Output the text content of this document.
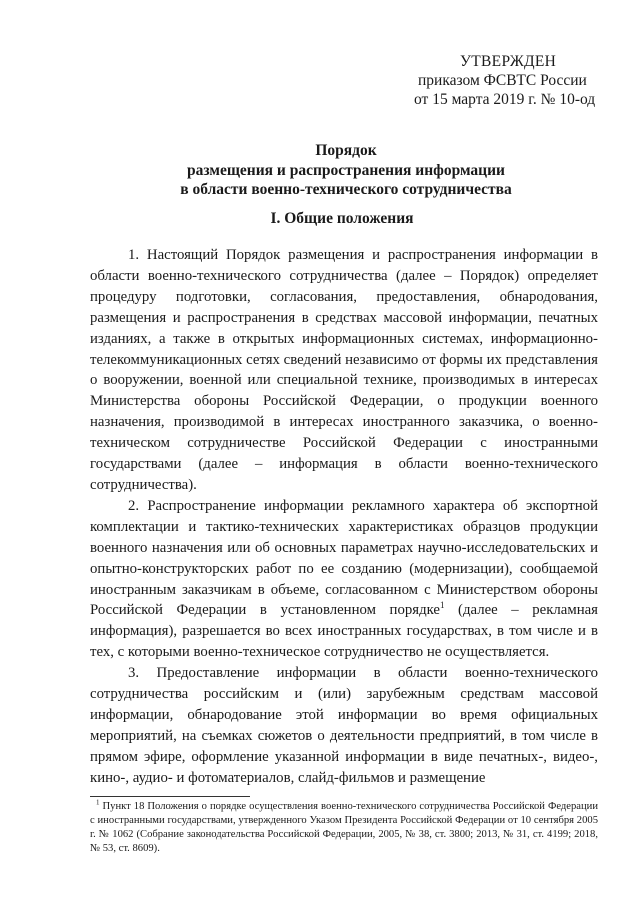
УТВЕРЖДЕН
приказом ФСВТС России
от 15 марта 2019 г. № 10-од
Порядок
размещения и распространения информации
в области военно-технического сотрудничества
I. Общие положения

1. Настоящий Порядок размещения и распространения информации в области военно-технического сотрудничества (далее – Порядок) определяет процедуру подготовки, согласования, предоставления, обнародования, размещения и распространения в средствах массовой информации, печатных изданиях, а также в открытых информационных системах, информационно-телекоммуникационных сетях сведений независимо от формы их представления о вооружении, военной или специальной технике, производимых в интересах Министерства обороны Российской Федерации, о продукции военного назначения, производимой в интересах иностранного заказчика, о военно-техническом сотрудничестве Российской Федерации с иностранными государствами (далее – информация в области военно-технического сотрудничества).

2. Распространение информации рекламного характера об экспортной комплектации и тактико-технических характеристиках образцов продукции военного назначения или об основных параметрах научно-исследовательских и опытно-конструкторских работ по ее созданию (модернизации), сообщаемой иностранным заказчикам в объеме, согласованном с Министерством обороны Российской Федерации в установленном порядке$^1$ (далее – рекламная информация), разрешается во всех иностранных государствах, в том числе и в тех, с которыми военно-техническое сотрудничество не осуществляется.

3. Предоставление информации в области военно-технического сотрудничества российским и (или) зарубежным средствам массовой информации, обнародование этой информации во время официальных мероприятий, на съемках сюжетов о деятельности предприятий, в том числе в прямом эфире, оформление указанной информации в виде печатных-, видео-, кино-, аудио- и фотоматериалов, слайд-фильмов и размещение

$^1$ Пункт 18 Положения о порядке осуществления военно-технического сотрудничества Российской Федерации с иностранными государствами, утвержденного Указом Президента Российской Федерации от 10 сентября 2005 г. № 1062 (Собрание законодательства Российской Федерации, 2005, № 38, ст. 3800; 2013, № 31, ст. 4199; 2018, № 53, ст. 8609).
